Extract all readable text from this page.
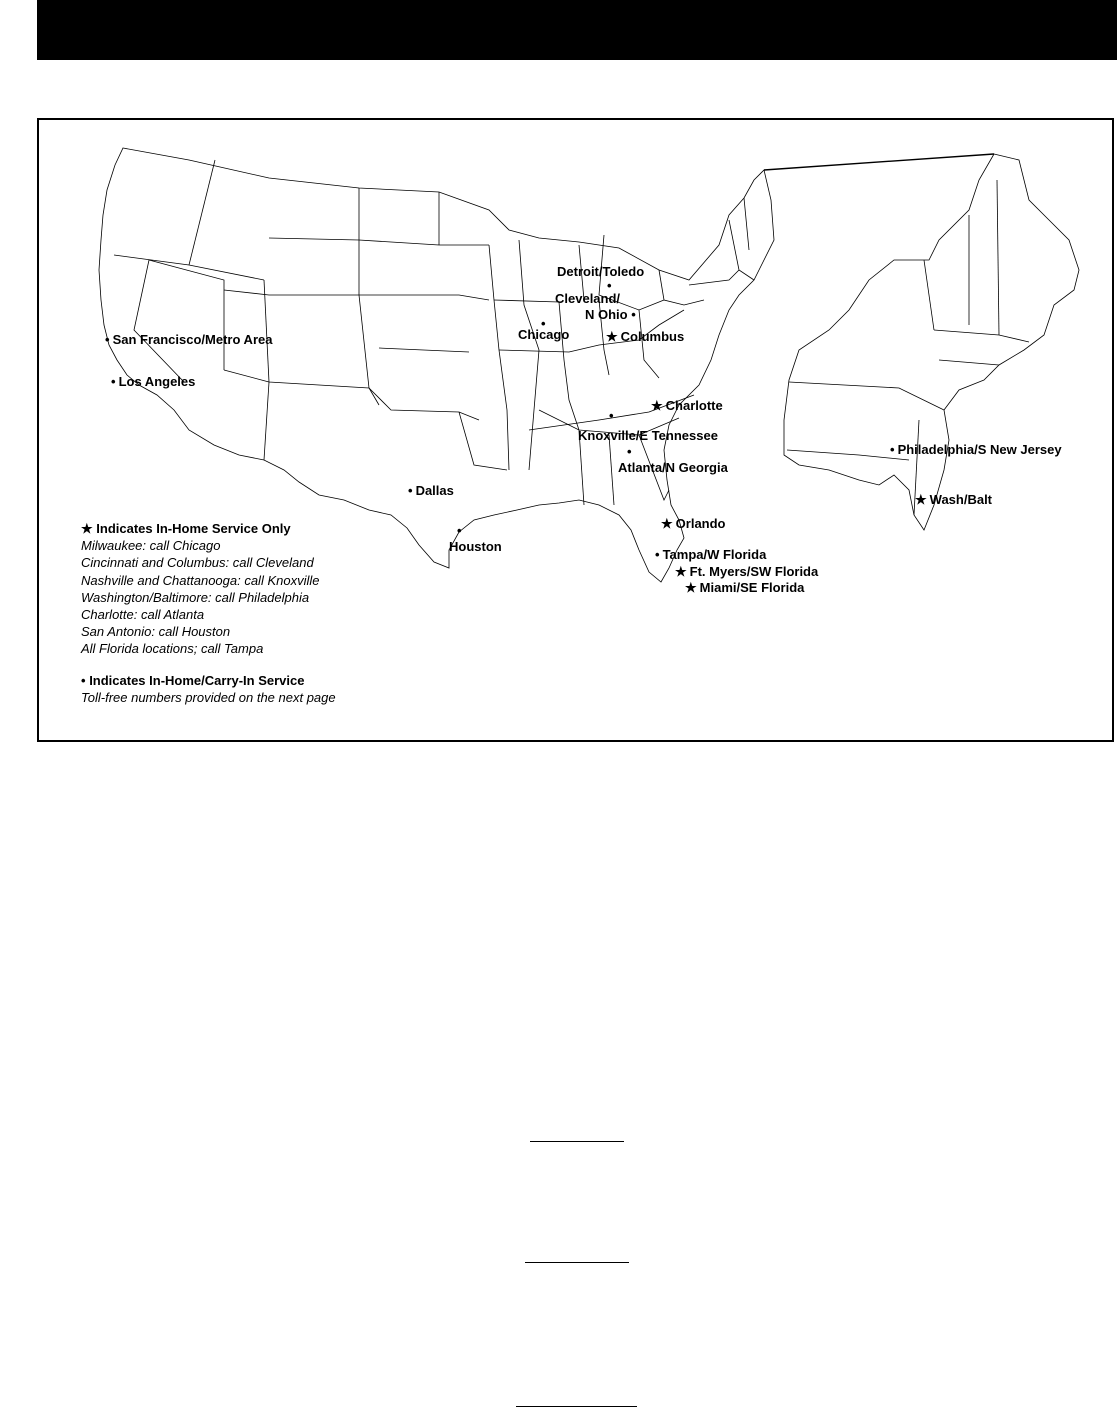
Detroit/Toledo
•
Cleveland/
N Ohio •
•
Chicago	★ Columbus
• San Francisco/Metro Area
• Los Angeles
★ Charlotte
•
Knoxville/E Tennessee
•
Atlanta/N Georgia
• Philadelphia/S New Jersey
★ Wash/Balt
• Dallas
•
Houston
★ Orlando
• Tampa/W Florida
★ Ft. Myers/SW Florida
★ Miami/SE Florida
★ Indicates In-Home Service Only
Milwaukee: call Chicago
Cincinnati and Columbus: call Cleveland
Nashville and Chattanooga: call Knoxville
Washington/Baltimore: call Philadelphia
Charlotte: call Atlanta
San Antonio: call Houston
All Florida locations; call Tampa
• Indicates In-Home/Carry-In Service
Toll-free numbers provided on the next page
